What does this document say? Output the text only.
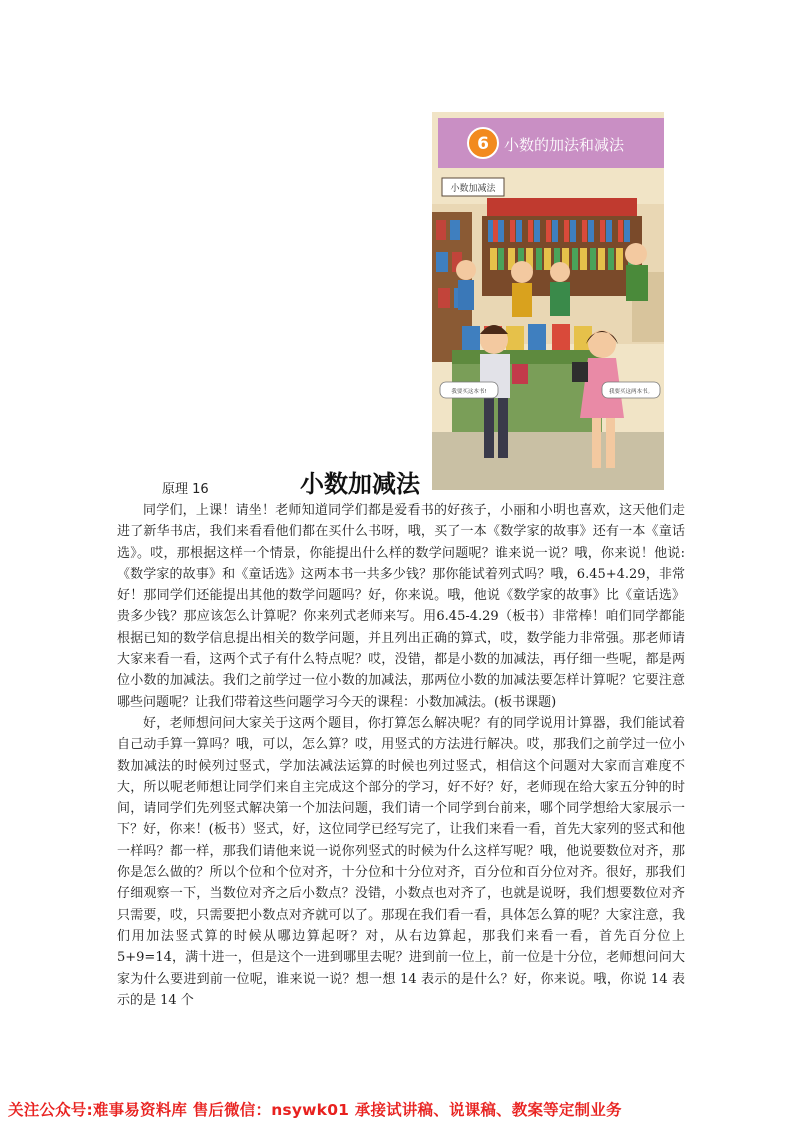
6 小数的加法和减法
小数加减法
我要买这本书!	我要买这两本书。
原理 16	小数加减法

同学们，上课！请坐！老师知道同学们都是爱看书的好孩子，小丽和小明也喜欢，这天他们走进了新华书店，我们来看看他们都在买什么书呀，哦，买了一本《数学家的故事》还有一本《童话选》。哎，那根据这样一个情景，你能提出什么样的数学问题呢？谁来说一说？哦，你来说！他说:《数学家的故事》和《童话选》这两本书一共多少钱？那你能试着列式吗？哦，6.45+4.29，非常好！那同学们还能提出其他的数学问题吗？好，你来说。哦，他说《数学家的故事》比《童话选》贵多少钱？那应该怎么计算呢？你来列式老师来写。用6.45-4.29（板书）非常棒！咱们同学都能根据已知的数学信息提出相关的数学问题，并且列出正确的算式，哎，数学能力非常强。那老师请大家来看一看，这两个式子有什么特点呢？哎，没错，都是小数的加减法，再仔细一些呢，都是两位小数的加减法。我们之前学过一位小数的加减法，那两位小数的加减法要怎样计算呢？它要注意哪些问题呢？让我们带着这些问题学习今天的课程：小数加减法。(板书课题)

好，老师想问问大家关于这两个题目，你打算怎么解决呢？有的同学说用计算器，我们能试着自己动手算一算吗？哦，可以，怎么算？哎，用竖式的方法进行解决。哎，那我们之前学过一位小数加减法的时候列过竖式，学加法减法运算的时候也列过竖式，相信这个问题对大家而言难度不大，所以呢老师想让同学们来自主完成这个部分的学习，好不好？好，老师现在给大家五分钟的时间，请同学们先列竖式解决第一个加法问题，我们请一个同学到台前来，哪个同学想给大家展示一下？好，你来！(板书）竖式，好，这位同学已经写完了，让我们来看一看，首先大家列的竖式和他一样吗？都一样，那我们请他来说一说你列竖式的时候为什么这样写呢？哦，他说要数位对齐，那你是怎么做的？所以个位和个位对齐，十分位和十分位对齐，百分位和百分位对齐。很好，那我们仔细观察一下，当数位对齐之后小数点？没错，小数点也对齐了，也就是说呀，我们想要数位对齐只需要，哎，只需要把小数点对齐就可以了。那现在我们看一看，具体怎么算的呢？大家注意，我们用加法竖式算的时候从哪边算起呀？对，从右边算起，那我们来看一看，首先百分位上 5+9=14，满十进一，但是这个一进到哪里去呢？进到前一位上，前一位是十分位，老师想问问大家为什么要进到前一位呢，谁来说一说？想一想 14 表示的是什么？好，你来说。哦，你说 14 表示的是 14 个

关注公众号:难事易资料库 售后微信：nsywk01 承接试讲稿、说课稿、教案等定制业务
